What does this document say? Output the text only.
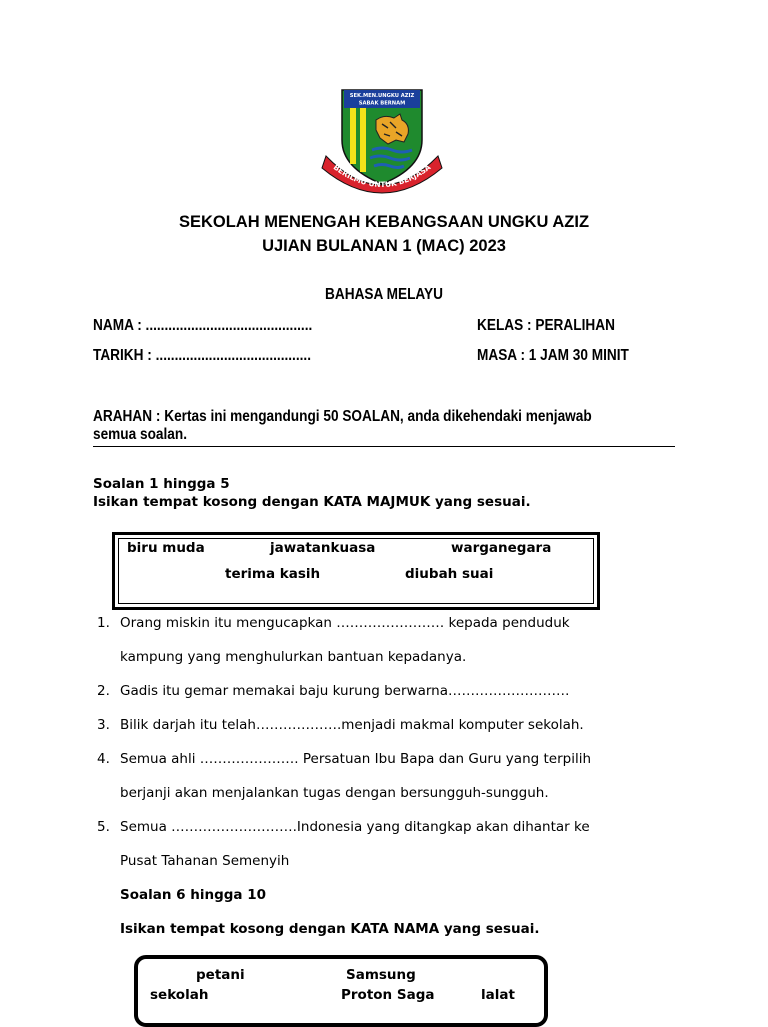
SEK.MEN.UNGKU AZIZ
SABAK BERNAM
BERILMU UNTUK BERJASA
SEKOLAH MENENGAH KEBANGSAAN UNGKU AZIZ
UJIAN BULANAN 1 (MAC) 2023
BAHASA MELAYU
NAMA : ............................................	KELAS : PERALIHAN
TARIKH : .........................................	MASA : 1 JAM 30 MINIT
ARAHAN : Kertas ini mengandungi 50 SOALAN, anda dikehendaki menjawab
semua soalan.
Soalan 1 hingga 5
Isikan tempat kosong dengan KATA MAJMUK yang sesuai.
biru muda	jawatankuasa	warganegara
terima kasih	diubah suai
1. Orang miskin itu mengucapkan …………………… kepada penduduk
kampung yang menghulurkan bantuan kepadanya.
2. Gadis itu gemar memakai baju kurung berwarna………………………
3. Bilik darjah itu telah……………….menjadi makmal komputer sekolah.
4. Semua ahli …………………. Persatuan Ibu Bapa dan Guru yang terpilih
berjanji akan menjalankan tugas dengan bersungguh-sungguh.
5. Semua ……………………….Indonesia yang ditangkap akan dihantar ke
Pusat Tahanan Semenyih
Soalan 6 hingga 10
Isikan tempat kosong dengan KATA NAMA yang sesuai.
petani	Samsung
sekolah	Proton Saga	lalat
